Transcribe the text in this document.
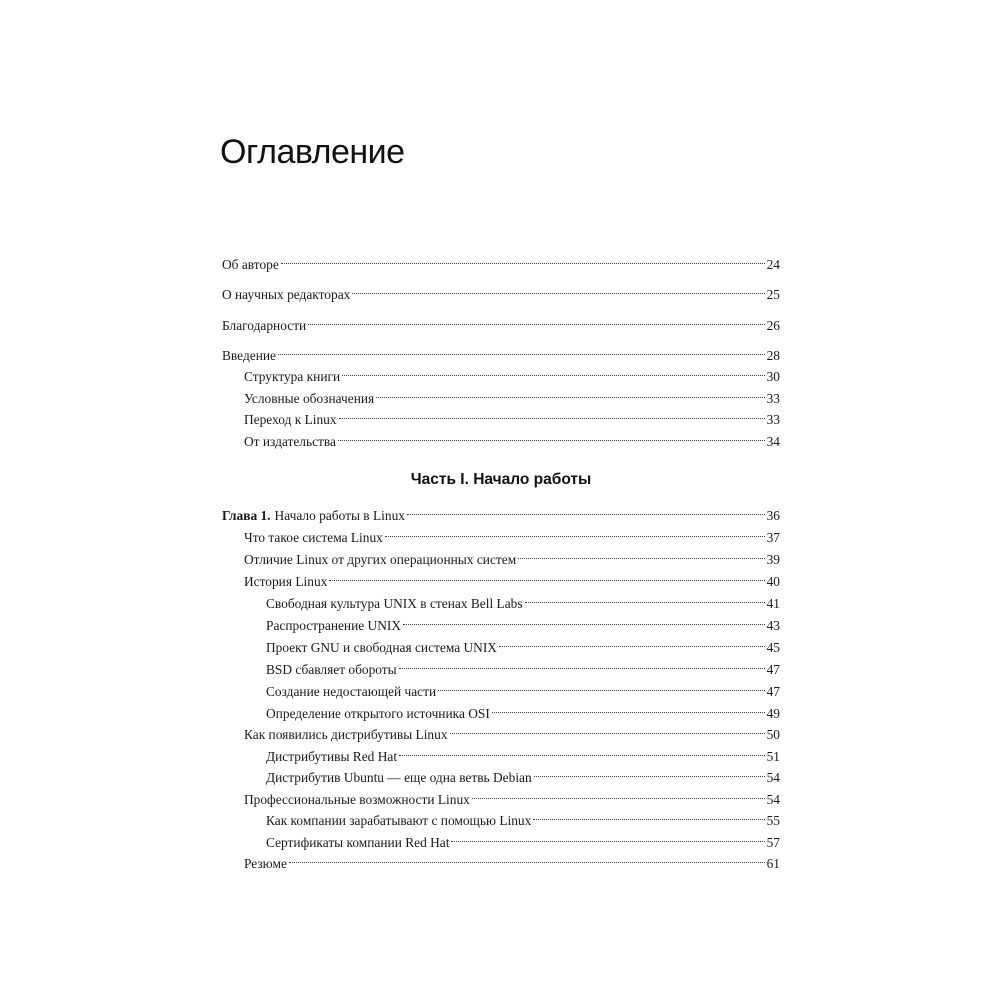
Оглавление
Об авторе	24
О научных редакторах	25
Благодарности	26
Введение	28
Структура книги	30
Условные обозначения	33
Переход к Linux	33
От издательства	34
Часть I. Начало работы
Глава 1. Начало работы в Linux	36
Что такое система Linux	37
Отличие Linux от других операционных систем	39
История Linux	40
Свободная культура UNIX в стенах Bell Labs	41
Распространение UNIX	43
Проект GNU и свободная система UNIX	45
BSD сбавляет обороты	47
Создание недостающей части	47
Определение открытого источника OSI	49
Как появились дистрибутивы Linux	50
Дистрибутивы Red Hat	51
Дистрибутив Ubuntu — еще одна ветвь Debian	54
Профессиональные возможности Linux	54
Как компании зарабатывают с помощью Linux	55
Сертификаты компании Red Hat	57
Резюме	61
